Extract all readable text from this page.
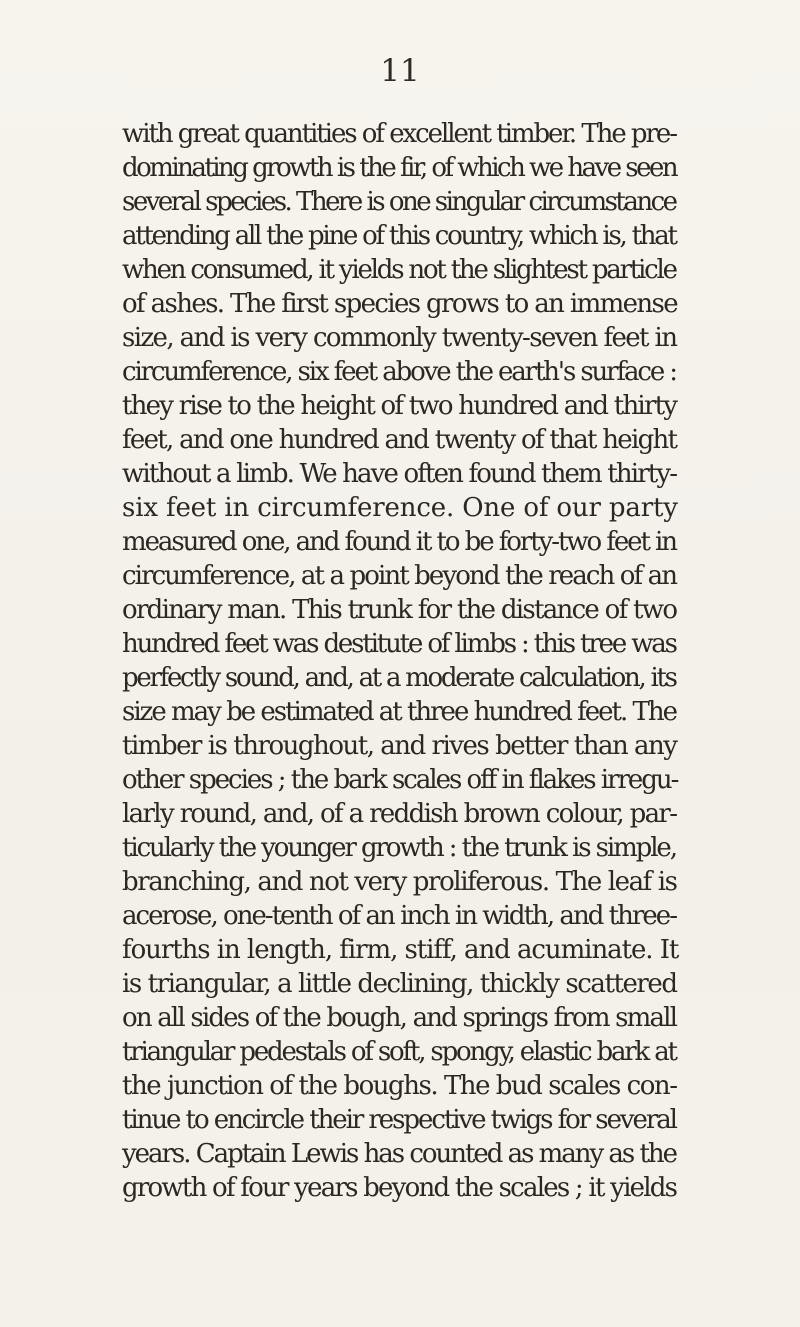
11
with great quantities of excellent timber. The pre-
dominating growth is the fir, of which we have seen
several species. There is one singular circumstance
attending all the pine of this country, which is, that
when consumed, it yields not the slightest particle
of ashes. The first species grows to an immense
size, and is very commonly twenty-seven feet in
circumference, six feet above the earth's surface :
they rise to the height of two hundred and thirty
feet, and one hundred and twenty of that height
without a limb. We have often found them thirty-
six feet in circumference. One of our party
measured one, and found it to be forty-two feet in
circumference, at a point beyond the reach of an
ordinary man. This trunk for the distance of two
hundred feet was destitute of limbs : this tree was
perfectly sound, and, at a moderate calculation, its
size may be estimated at three hundred feet. The
timber is throughout, and rives better than any
other species ; the bark scales off in flakes irregu-
larly round, and, of a reddish brown colour, par-
ticularly the younger growth : the trunk is simple,
branching, and not very proliferous. The leaf is
acerose, one-tenth of an inch in width, and three-
fourths in length, firm, stiff, and acuminate. It
is triangular, a little declining, thickly scattered
on all sides of the bough, and springs from small
triangular pedestals of soft, spongy, elastic bark at
the junction of the boughs. The bud scales con-
tinue to encircle their respective twigs for several
years. Captain Lewis has counted as many as the
growth of four years beyond the scales ; it yields
